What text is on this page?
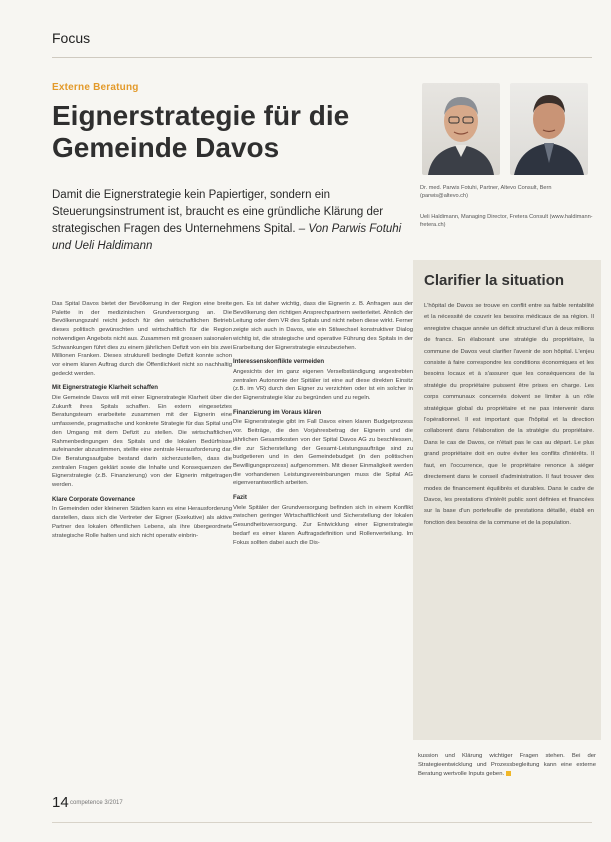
Focus
Externe Beratung
Eignerstrategie für die Gemeinde Davos
Damit die Eignerstrategie kein Papiertiger, sondern ein Steuerungsinstrument ist, braucht es eine gründliche Klärung der strategischen Fragen des Unternehmens Spital. – Von Parwis Fotuhi und Ueli Haldimann
Dr. med. Parwis Fotuhi, Partner, Altevo Consult, Bern (parwis@altevo.ch)
Ueli Haldimann, Managing Director, Fretera Consult (www.haldimann-fretera.ch)
Clarifier la situation
L'hôpital de Davos se trouve en conflit entre sa faible rentabilité et la nécessité de couvrir les besoins médicaux de sa région. Il enregistre chaque année un déficit structurel d'un à deux millions de francs. En élaborant une stratégie du propriétaire, la commune de Davos veut clarifier l'avenir de son hôpital. L'enjeu consiste à faire correspondre les conditions économiques et les besoins locaux et à s'assurer que les conséquences de la stratégie du propriétaire puissent être prises en charge. Les corps communaux concernés doivent se limiter à un rôle stratégique global du propriétaire et ne pas intervenir dans l'opérationnel. Il est important que l'hôpital et la direction collaborent dans l'élaboration de la stratégie du propriétaire. Dans le cas de Davos, ce n'était pas le cas au départ. Le plus grand propriétaire doit en outre éviter les conflits d'intérêts. Il faut, en l'occurrence, que le propriétaire renonce à siéger directement dans le conseil d'administration. Il faut trouver des modes de financement équilibrés et durables. Dans le cadre de Davos, les prestations d'intérêt public sont définies et financées sur la base d'un portefeuille de prestations détaillé, établi en fonction des besoins de la commune et de la population.

Das Spital Davos bietet der Bevölkerung in der Region eine breite Palette in der medizinischen Grundversorgung an. Die Bevölkerungszahl reicht jedoch für den wirtschaftlichen Betrieb dieses politisch gewünschten und wirtschaftlich für die Region notwendigen Angebots nicht aus. Zusammen mit grossen saisonalen Schwankungen führt dies zu einem jährlichen Defizit von ein bis zwei Millionen Franken. Dieses strukturell bedingte Defizit konnte schon vor einem klaren Auftrag durch die Öffentlichkeit nicht so nachhaltig gedeckt werden.

Mit Eignerstrategie Klarheit schaffen

Die Gemeinde Davos will mit einer Eignerstrategie Klarheit über die Zukunft ihres Spitals schaffen. Ein extern eingesetztes Beratungsteam erarbeitete zusammen mit der Eignerin eine umfassende, pragmatische und konkrete Strategie für das Spital und den Umgang mit dem Defizit zu stellen. Die wirtschaftlichen Rahmenbedingungen des Spitals und die lokalen Bedürfnisse aufeinander abzustimmen, stellte eine zentrale Herausforderung dar. Die Beratungsaufgabe bestand darin sicherzustellen, dass die zentralen Fragen geklärt sowie die Inhalte und Konsequenzen der Eignerstrategie (z.B. Finanzierung) von der Eignerin mitgetragen werden.

Klare Corporate Governance

In Gemeinden oder kleineren Städten kann es eine Herausforderung darstellen, dass sich die Vertreter der Eigner (Exekutive) als aktive Partner des lokalen öffentlichen Lebens, als ihre übergeordnete strategische Rolle halten und sich nicht operativ einbrin-

gen. Es ist daher wichtig, dass die Eignerin z. B. Anfragen aus der Bevölkerung den richtigen Ansprechpartnern weiterleitet. Ähnlich der Leitung oder dem VR des Spitals und nicht neben diese wirkt. Ferner zeigte sich auch in Davos, wie ein Stilwechsel konstruktiver Dialog wichtig ist, die strategische und operative Führung des Spitals in der Erarbeitung der Eignerstrategie einzubeziehen.

Interessenskonflikte vermeiden

Angesichts der im ganz eigenen Verselbständigung angestrebten zentralen Autonomie der Spitäler ist eine auf diese direkten Einsitz (z.B. im VR) durch den Eigner zu verzichten oder ist ein solcher in der Eignerstrategie klar zu begründen und zu regeln.

Finanzierung im Voraus klären

Die Eignerstrategie gibt im Fall Davos einen klaren Budgetprozess vor. Beiträge, die den Vorjahresbetrag der Eignerin und die jährlichen Gesamtkosten von der Spital Davos AG zu beschliessen, die zur Sicherstellung der Gesamt-Leistungsaufträge sind zu budgetieren und in den Gemeindebudget (in den politischen Bewilligungsprozess) aufgenommen. Mit dieser Einmaligkeit werden die vorhandenen Leistungsvereinbarungen muss die Spital AG eigenverantwortlich arbeiten.

Fazit

Viele Spitäler der Grundversorgung befinden sich in einem Konflikt zwischen geringer Wirtschaftlichkeit und Sicherstellung der lokalen Gesundheitsversorgung. Zur Entwicklung einer Eignerstrategie bedarf es einer klaren Auftragsdefinition und Rollenverteilung. Im Fokus sollten dabei auch die Dis-

kussion und Klärung wichtiger Fragen stehen. Bei der Strategieentwicklung und Prozessbegleitung kann eine externe Beratung wertvolle Inputs geben.
14 competence 3/2017
